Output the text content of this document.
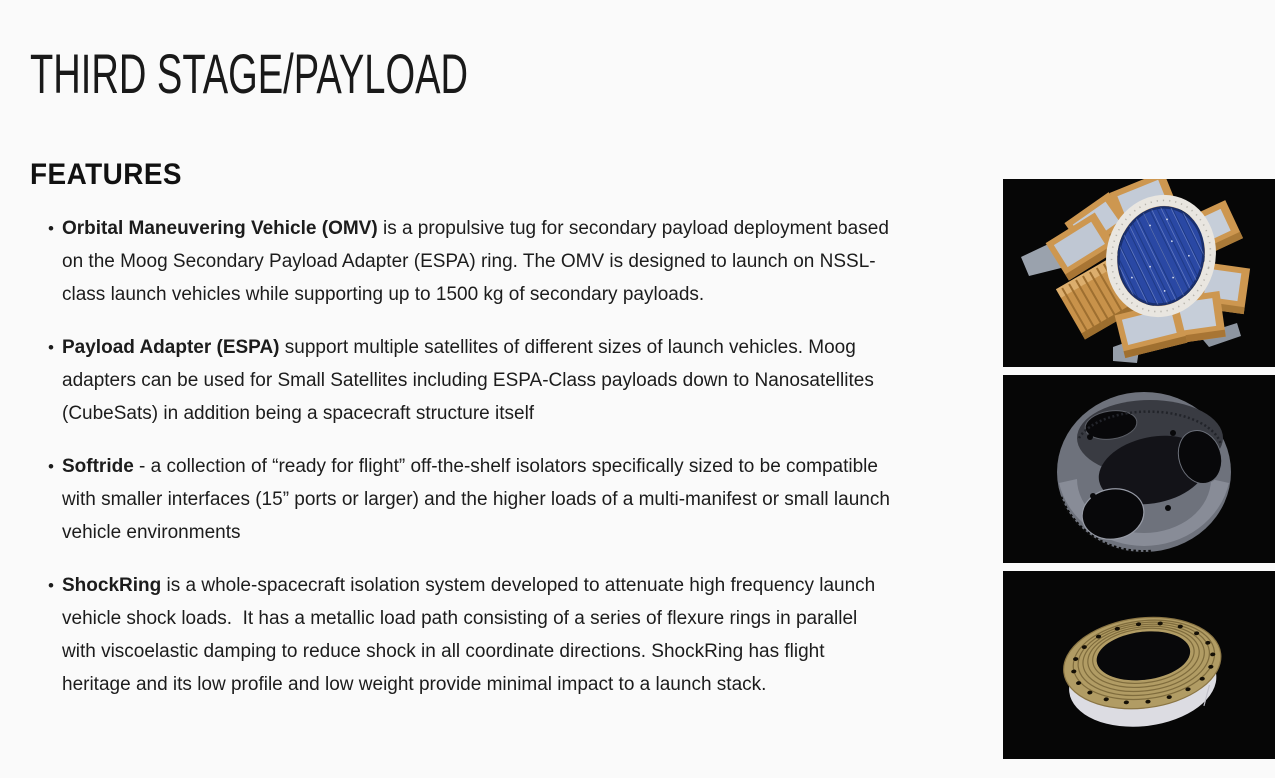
THIRD STAGE/PAYLOAD
FEATURES
• Orbital Maneuvering Vehicle (OMV) is a propulsive tug for secondary payload deployment based on the Moog Secondary Payload Adapter (ESPA) ring. The OMV is designed to launch on NSSL-class launch vehicles while supporting up to 1500 kg of secondary payloads.

• Payload Adapter (ESPA) support multiple satellites of different sizes of launch vehicles. Moog adapters can be used for Small Satellites including ESPA-Class payloads down to Nanosatellites (CubeSats) in addition being a spacecraft structure itself

• Softride - a collection of “ready for flight” off-the-shelf isolators specifically sized to be compatible with smaller interfaces (15” ports or larger) and the higher loads of a multi-manifest or small launch vehicle environments

• ShockRing is a whole-spacecraft isolation system developed to attenuate high frequency launch vehicle shock loads.  It has a metallic load path consisting of a series of flexure rings in parallel with viscoelastic damping to reduce shock in all coordinate directions. ShockRing has flight heritage and its low profile and low weight provide minimal impact to a launch stack.
